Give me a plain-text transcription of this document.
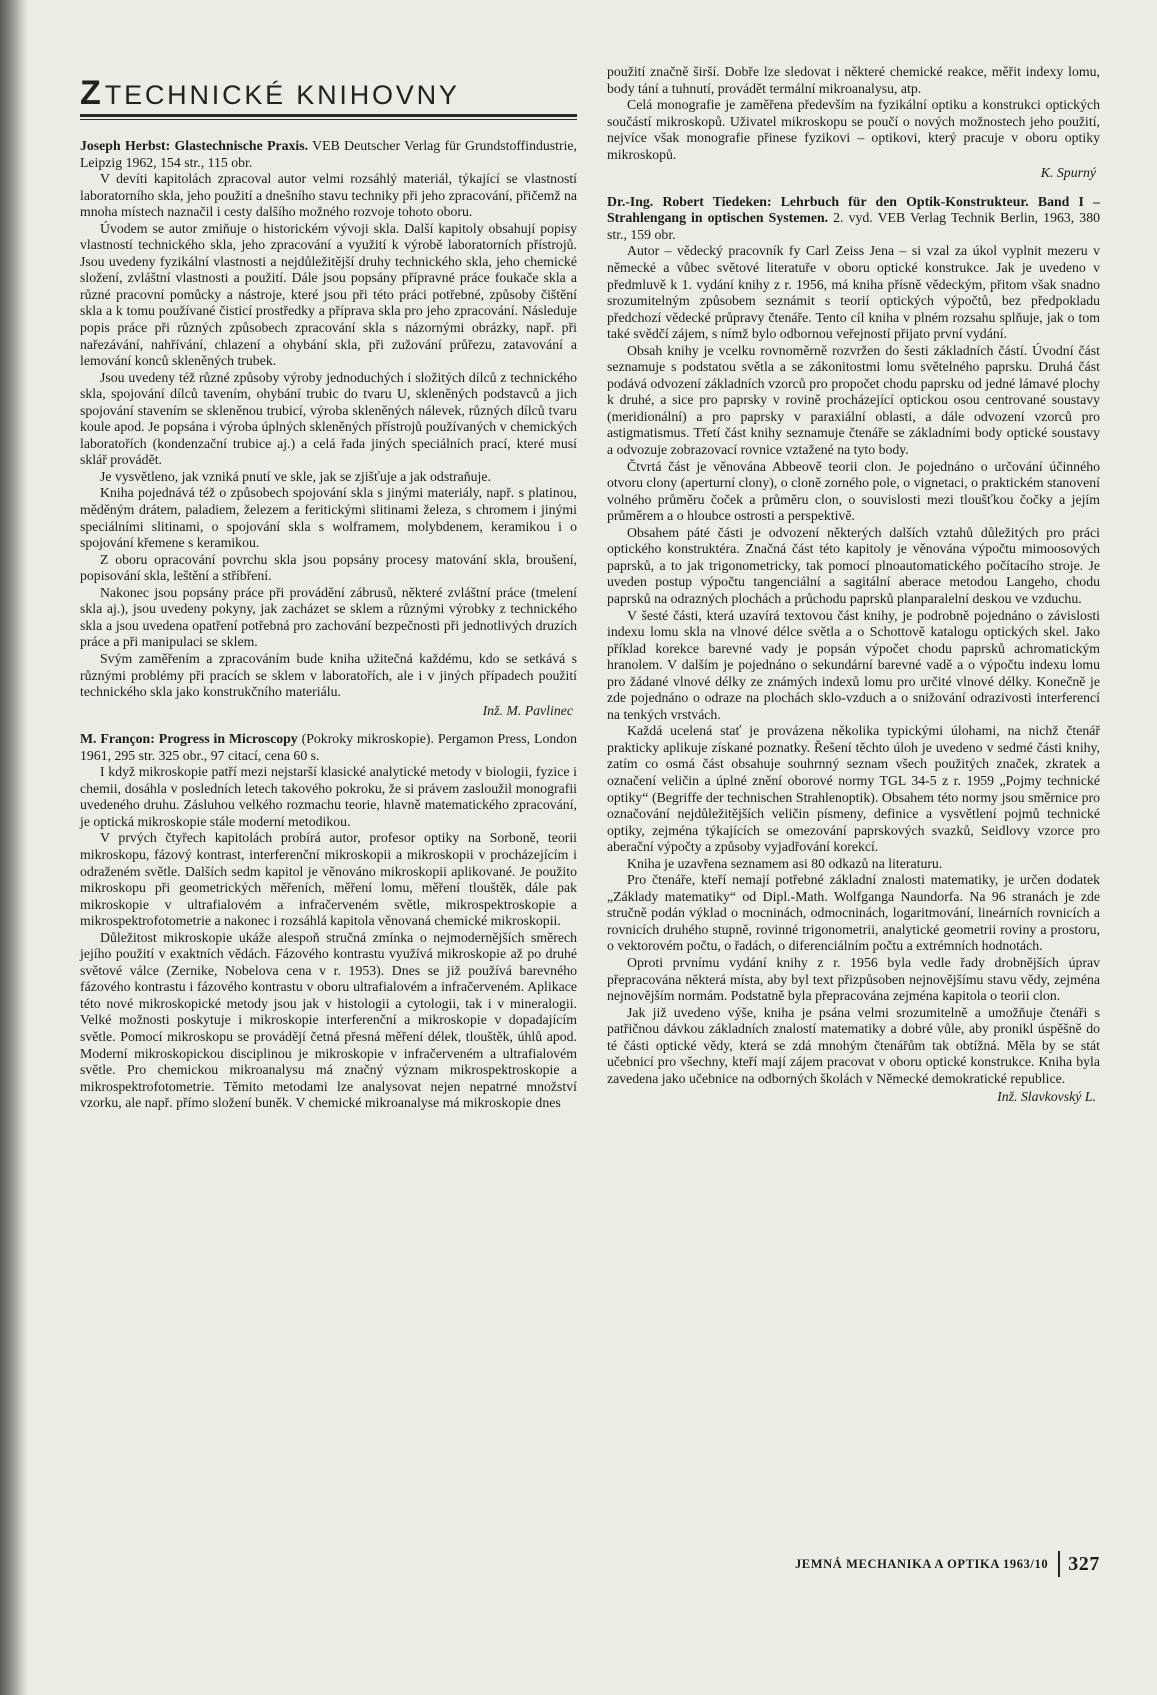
Z TECHNICKÉ KNIHOVNY

Joseph Herbst: Glastechnische Praxis. VEB Deutscher Verlag für Grundstoffindustrie, Leipzig 1962, 154 str., 115 obr.

V devíti kapitolách zpracoval autor velmi rozsáhlý materiál, týkající se vlastností laboratorního skla, jeho použití a dnešního stavu techniky při jeho zpracování, přičemž na mnoha místech naznačil i cesty dalšího možného rozvoje tohoto oboru.

Úvodem se autor zmiňuje o historickém vývoji skla. Další kapitoly obsahují popisy vlastností technického skla, jeho zpracování a využití k výrobě laboratorních přístrojů. Jsou uvedeny fyzikální vlastnosti a nejdůležitější druhy technického skla, jeho chemické složení, zvláštní vlastnosti a použití. Dále jsou popsány přípravné práce foukače skla a různé pracovní pomůcky a nástroje, které jsou při této práci potřebné, způsoby čištění skla a k tomu používané čisticí prostředky a příprava skla pro jeho zpracování. Následuje popis práce při různých způsobech zpracování skla s názornými obrázky, např. při nařezávání, nahřívání, chlazení a ohybání skla, při zužování průřezu, zatavování a lemování konců skleněných trubek.

Jsou uvedeny též různé způsoby výroby jednoduchých i složitých dílců z technického skla, spojování dílců tavením, ohybání trubic do tvaru U, skleněných podstavců a jich spojování stavením se skleněnou trubicí, výroba skleněných nálevek, různých dílců tvaru koule apod. Je popsána i výroba úplných skleněných přístrojů používaných v chemických laboratořích (kondenzační trubice aj.) a celá řada jiných speciálních prací, které musí sklář provádět.

Je vysvětleno, jak vzniká pnutí ve skle, jak se zjišťuje a jak odstraňuje.

Kniha pojednává též o způsobech spojování skla s jinými materiály, např. s platinou, měděným drátem, paladiem, železem a feritickými slitinami železa, s chromem i jinými speciálními slitinami, o spojování skla s wolframem, molybdenem, keramikou i o spojování křemene s keramikou.

Z oboru opracování povrchu skla jsou popsány procesy matování skla, broušení, popisování skla, leštění a stříbření.

Nakonec jsou popsány práce při provádění zábrusů, některé zvláštní práce (tmelení skla aj.), jsou uvedeny pokyny, jak zacházet se sklem a různými výrobky z technického skla a jsou uvedena opatření potřebná pro zachování bezpečnosti při jednotlivých druzích práce a při manipulaci se sklem.

Svým zaměřením a zpracováním bude kniha užitečná každému, kdo se setkává s různými problémy při pracích se sklem v laboratořích, ale i v jiných případech použití technického skla jako konstrukčního materiálu.

Inž. M. Pavlinec

M. Françon: Progress in Microscopy (Pokroky mikroskopie). Pergamon Press, London 1961, 295 str. 325 obr., 97 citací, cena 60 s.

I když mikroskopie patří mezi nejstarší klasické analytické metody v biologii, fyzice i chemii, dosáhla v posledních letech takového pokroku, že si právem zasloužil monografii uvedeného druhu. Zásluhou velkého rozmachu teorie, hlavně matematického zpracování, je optická mikroskopie stále moderní metodikou.

V prvých čtyřech kapitolách probírá autor, profesor optiky na Sorboně, teorii mikroskopu, fázový kontrast, interferenční mikroskopii a mikroskopii v procházejícím i odraženém světle. Dalších sedm kapitol je věnováno mikroskopii aplikované. Je použito mikroskopu při geometrických měřeních, měření lomu, měření tlouštěk, dále pak mikroskopie v ultrafialovém a infračerveném světle, mikrospektroskopie a mikrospektrofotometrie a nakonec i rozsáhlá kapitola věnovaná chemické mikroskopii.

Důležitost mikroskopie ukáže alespoň stručná zmínka o nejmodernějších směrech jejího použití v exaktních vědách. Fázového kontrastu využívá mikroskopie až po druhé světové válce (Zernike, Nobelova cena v r. 1953). Dnes se již používá barevného fázového kontrastu i fázového kontrastu v oboru ultrafialovém a infračerveném. Aplikace této nové mikroskopické metody jsou jak v histologii a cytologii, tak i v mineralogii. Velké možnosti poskytuje i mikroskopie interferenční a mikroskopie v dopadajícím světle. Pomocí mikroskopu se provádějí četná přesná měření délek, tlouštěk, úhlů apod. Moderní mikroskopickou disciplinou je mikroskopie v infračerveném a ultrafialovém světle. Pro chemickou mikroanalysu má značný význam mikrospektroskopie a mikrospektrofotometrie. Těmito metodami lze analysovat nejen nepatrné množství vzorku, ale např. přímo složení buněk. V chemické mikroanalyse má mikroskopie dnes

použití značně širší. Dobře lze sledovat i některé chemické reakce, měřit indexy lomu, body tání a tuhnutí, provádět termální mikroanalysu, atp.

Celá monografie je zaměřena především na fyzikální optiku a konstrukci optických součástí mikroskopů. Uživatel mikroskopu se poučí o nových možnostech jeho použití, nejvíce však monografie přinese fyzikovi – optikovi, který pracuje v oboru optiky mikroskopů.

K. Spurný

Dr.-Ing. Robert Tiedeken: Lehrbuch für den Optik-Konstrukteur. Band I – Strahlengang in optischen Systemen. 2. vyd. VEB Verlag Technik Berlin, 1963, 380 str., 159 obr.

Autor – vědecký pracovník fy Carl Zeiss Jena – si vzal za úkol vyplnit mezeru v německé a vůbec světové literatuře v oboru optické konstrukce. Jak je uvedeno v předmluvě k 1. vydání knihy z r. 1956, má kniha přísně vědeckým, přitom však snadno srozumitelným způsobem seznámit s teorií optických výpočtů, bez předpokladu předchozí vědecké průpravy čtenáře. Tento cíl kniha v plném rozsahu splňuje, jak o tom také svědčí zájem, s nímž bylo odbornou veřejností přijato první vydání.

Obsah knihy je vcelku rovnoměrně rozvržen do šesti základních částí. Úvodní část seznamuje s podstatou světla a se zákonitostmi lomu světelného paprsku. Druhá část podává odvození základních vzorců pro propočet chodu paprsku od jedné lámavé plochy k druhé, a sice pro paprsky v rovině procházející optickou osou centrované soustavy (meridionální) a pro paprsky v paraxiální oblasti, a dále odvození vzorců pro astigmatismus. Třetí část knihy seznamuje čtenáře se základními body optické soustavy a odvozuje zobrazovací rovnice vztažené na tyto body.

Čtvrtá část je věnována Abbeově teorii clon. Je pojednáno o určování účinného otvoru clony (aperturní clony), o cloně zorného pole, o vignetaci, o praktickém stanovení volného průměru čoček a průměru clon, o souvislosti mezi tloušťkou čočky a jejím průměrem a o hloubce ostrosti a perspektivě.

Obsahem páté části je odvození některých dalších vztahů důležitých pro práci optického konstruktéra. Značná část této kapitoly je věnována výpočtu mimoosových paprsků, a to jak trigonometricky, tak pomocí plnoautomatického počítacího stroje. Je uveden postup výpočtu tangenciální a sagitální aberace metodou Langeho, chodu paprsků na odrazných plochách a průchodu paprsků planparalelní deskou ve vzduchu.

V šesté části, která uzavírá textovou část knihy, je podrobně pojednáno o závislosti indexu lomu skla na vlnové délce světla a o Schottově katalogu optických skel. Jako příklad korekce barevné vady je popsán výpočet chodu paprsků achromatickým hranolem. V dalším je pojednáno o sekundární barevné vadě a o výpočtu indexu lomu pro žádané vlnové délky ze známých indexů lomu pro určité vlnové délky. Konečně je zde pojednáno o odraze na plochách sklo-vzduch a o snižování odrazivosti interferencí na tenkých vrstvách.

Každá ucelená stať je provázena několika typickými úlohami, na nichž čtenář prakticky aplikuje získané poznatky. Řešení těchto úloh je uvedeno v sedmé části knihy, zatím co osmá část obsahuje souhrnný seznam všech použitých značek, zkratek a označení veličin a úplné znění oborové normy TGL 34-5 z r. 1959 „Pojmy technické optiky“ (Begriffe der technischen Strahlenoptik). Obsahem této normy jsou směrnice pro označování nejdůležitějších veličin písmeny, definice a vysvětlení pojmů technické optiky, zejména týkajících se omezování paprskových svazků, Seidlovy vzorce pro aberační výpočty a způsoby vyjadřování korekcí.

Kniha je uzavřena seznamem asi 80 odkazů na literaturu.

Pro čtenáře, kteří nemají potřebné základní znalosti matematiky, je určen dodatek „Základy matematiky“ od Dipl.-Math. Wolfganga Naundorfa. Na 96 stranách je zde stručně podán výklad o mocninách, odmocninách, logaritmování, lineárních rovnicích a rovnicích druhého stupně, rovinné trigonometrii, analytické geometrii roviny a prostoru, o vektorovém počtu, o řadách, o diferenciálním počtu a extrémních hodnotách.

Oproti prvnímu vydání knihy z r. 1956 byla vedle řady drobnějších úprav přepracována některá místa, aby byl text přizpůsoben nejnovějšímu stavu vědy, zejména nejnovějším normám. Podstatně byla přepracována zejména kapitola o teorii clon.

Jak již uvedeno výše, kniha je psána velmi srozumitelně a umožňuje čtenáři s patřičnou dávkou základních znalostí matematiky a dobré vůle, aby pronikl úspěšně do té části optické vědy, která se zdá mnohým čtenářům tak obtížná. Měla by se stát učebnicí pro všechny, kteří mají zájem pracovat v oboru optické konstrukce. Kniha byla zavedena jako učebnice na odborných školách v Německé demokratické republice.

Inž. Slavkovský L.

JEMNÁ MECHANIKA A OPTIKA 1963/10 327
